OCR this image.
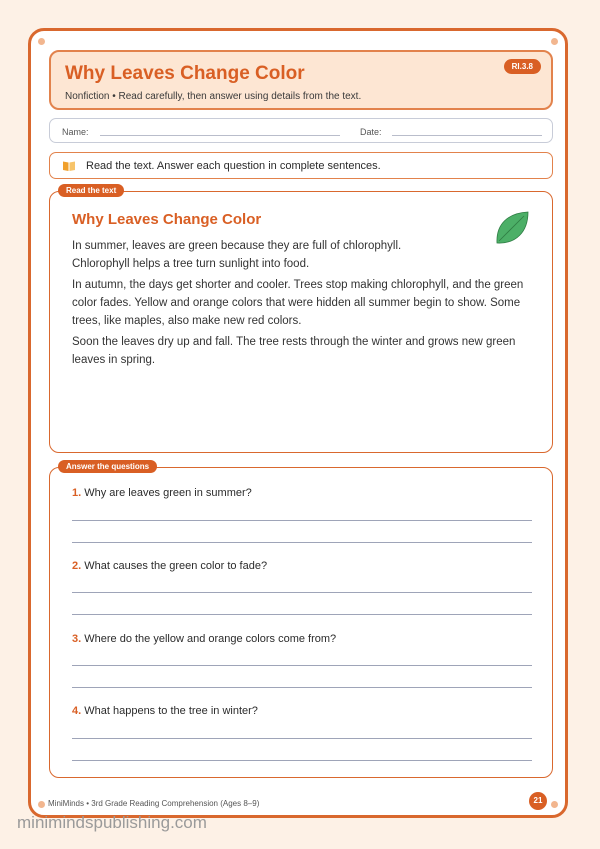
Why Leaves Change Color
Nonfiction • Read carefully, then answer using details from the text.
RI.3.8
Name:	Date:
Read the text. Answer each question in complete sentences.
Read the text
Why Leaves Change Color

In summer, leaves are green because they are full of chlorophyll. Chlorophyll helps a tree turn sunlight into food.

In autumn, the days get shorter and cooler. Trees stop making chlorophyll, and the green color fades. Yellow and orange colors that were hidden all summer begin to show. Some trees, like maples, also make new red colors.

Soon the leaves dry up and fall. The tree rests through the winter and grows new green leaves in spring.

Answer the questions
1. Why are leaves green in summer?
2. What causes the green color to fade?
3. Where do the yellow and orange colors come from?
4. What happens to the tree in winter?
MiniMinds • 3rd Grade Reading Comprehension (Ages 8–9)	21
minimindspublishing.com
